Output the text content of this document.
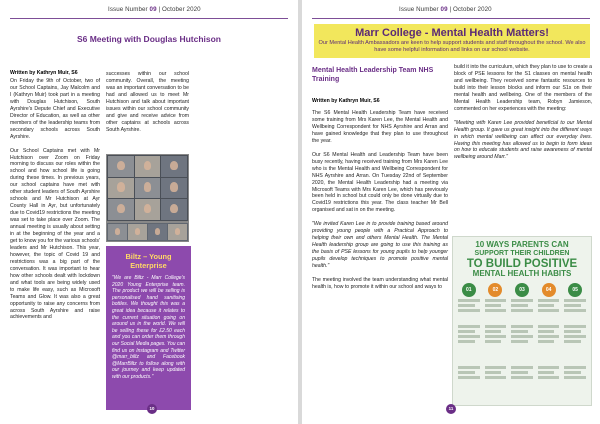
Issue Number 09 | October 2020
S6 Meeting with Douglas Hutchison
Written by Kathryn Muir, S6

On Friday the 9th of October, two of our School Captains, Jay Malcolm and I (Kathryn Muir) took part in a meeting with Douglas Hutchison, South Ayrshire's Depute Chief and Executive Director of Education, as well as other members of the leadership teams from secondary schools across South Ayrshire.

Our School Captains met with Mr Hutchison over Zoom on Friday morning to discuss our roles within the school and how school life is going during these times. In previous years, our school captains have met with other student leaders of South Ayrshire schools and Mr Hutchison at Ayr County Hall in Ayr, but unfortunately due to Covid19 restrictions the meeting was set to take place over Zoom. The annual meeting is usually about setting in at the beginning of the year and a get to know you for the various schools' leaders and Mr Hutchison. This year, however, the topic of Covid 19 and restrictions was a big part of the conversation. It was important to hear how other schools dealt with lockdown and what tools are being widely used to make life easy, such as Microsoft Teams and Glow. It was also a great opportunity to raise any concerns from across South Ayrshire and raise achievements and

successes within our school community. Overall, the meeting was an important conversation to be had and allowed us to meet Mr Hutchison and talk about important issues within our school community and give and receive advice from other captains at schools across South Ayrshire.

Biltz – Young Enterprise
"We are Biltz - Marr College's 2020 Young Enterprise team. The product we will be selling is personalised hand sanitising bottles. We thought this was a great idea because it relates to the current situation going on around us in the world. We will be selling these for £2.50 each and you can order them through our Social Media pages. You can find us on Instagram and Twitter @marr_biltz and Facebook @MarrBiltz to follow along with our journey and keep updated with our products."
10
Issue Number 09 | October 2020
Marr College - Mental Health Matters!
Our Mental Health Ambassadors are keen to help support students and staff throughout the school. We also have some helpful information and links on our school website.
Mental Health Leadership Team NHS Training
Written by Kathryn Muir, S6

The S6 Mental Health Leadership Team have received some training from Mrs Karen Lee, the Mental Health and Wellbeing Correspondent for NHS Ayrshire and Arran and have gained knowledge that they plan to use throughout the year.

Our S6 Mental Health and Leadership Team have been busy recently, having received training from Mrs Karen Lee who is the Mental Health and Wellbeing Correspondent for NHS Ayrshire and Arran. On Tuesday 22nd of September 2020, the Mental Health Leadership had a meeting via Microsoft Teams with Mrs Karen Lee, which has previously been held in school but could only be done virtually due to Covid19 restrictions this year. The class teacher Mr Bell organised and sat in on the meeting.

"We invited Karen Lee in to provide training based around providing young people with a Practical Approach to helping their own and others Mental Health. The Mental Health leadership group are going to use this training as the basis of PSE lessons for young pupils to help younger pupils develop techniques to promote positive mental health."

The meeting involved the team understanding what mental health is, how to promote it within our school and ways to

build it into the curriculum, which they plan to use to create a block of PSE lessons for the S1 classes on mental health and wellbeing. They received some fantastic resources to build into their lesson blocks and inform our S1s on their mental health and wellbeing. One of the members of the Mental Health Leadership team, Robyn Jamieson, commented on her experiences with the meeting:

"Meeting with Karen Lee provided beneficial to our Mental Health group. It gave us great insight into the different ways in which mental wellbeing can affect our everyday lives. Having this meeting has allowed us to begin to form ideas on how to educate students and raise awareness of mental wellbeing around Marr."

10 WAYS PARENTS CAN
SUPPORT THEIR CHILDREN
TO BUILD POSITIVE
MENTAL HEALTH HABITS
01	02	03	04	05
11
